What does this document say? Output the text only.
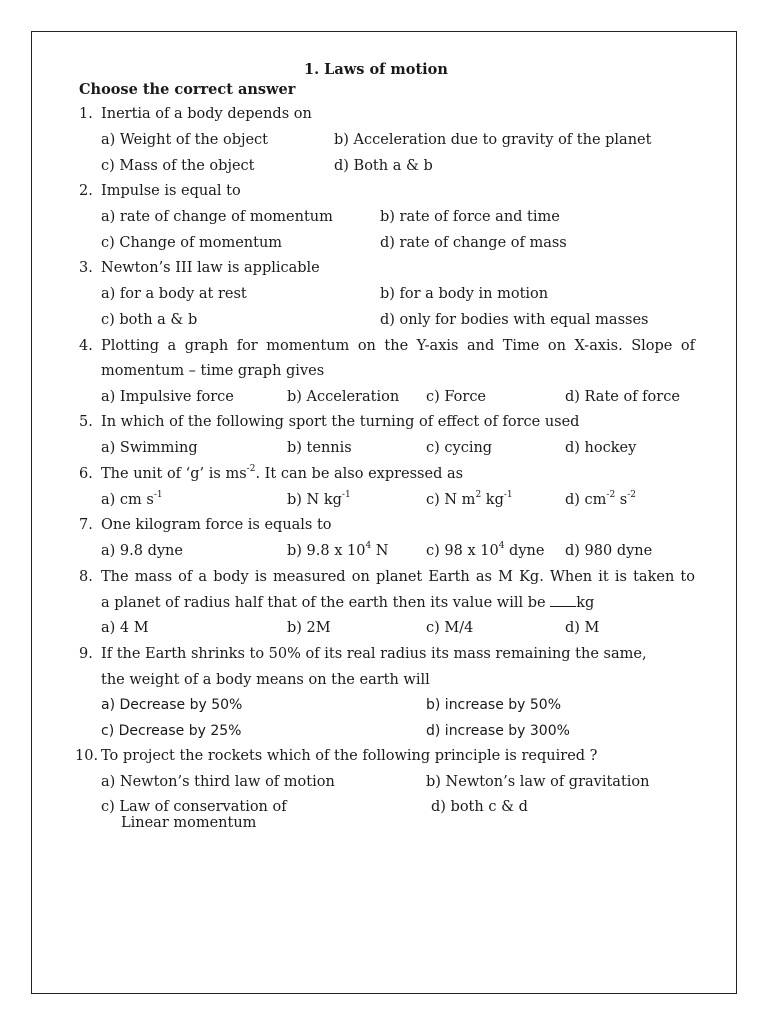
1. Laws of motion
Choose the correct answer
1. Inertia of a body depends on
a) Weight of the object	b) Acceleration due to gravity of the planet
c) Mass of the object	d) Both a & b
2. Impulse is equal to
a) rate of change of momentum	b) rate of force and time
c) Change of momentum	d) rate of change of mass
3. Newton’s III law is applicable
a) for a body at rest	b) for a body in motion
c) both a & b	d) only for bodies with equal masses
4. Plotting a graph for momentum on the Y-axis and Time on X-axis. Slope of
momentum – time graph gives
a) Impulsive force	b) Acceleration c) Force	d) Rate of force
5. In which of the following sport the turning of effect of force used
a) Swimming	b) tennis	c) cycing	d) hockey
6. The unit of ‘g’ is $ms^{-2}$. It can be also expressed as
a) cm $s^{-1}$	b) N $kg^{-1}$	c) N $m^2$ $kg^{-1}$	d) $cm^{-2}$ $s^{-2}$
7. One kilogram force is equals to
a) 9.8 dyne	b) 9.8 x $10^4$ N	c) 98 x $10^4$ dyne d) 980 dyne
8. The mass of a body is measured on planet Earth as M Kg. When it is taken to
a planet of radius half that of the earth then its value will be kg
a) 4 M	b) 2M	c) M/4	d) M
9. If the Earth shrinks to 50% of its real radius its mass remaining the same,
the weight of a body means on the earth will
a) Decrease by 50%	b) increase by 50%
c) Decrease by 25%	d) increase by 300%
10. To project the rockets which of the following principle is required ?
a) Newton’s third law of motion	b) Newton’s law of gravitation
c) Law of conservation of
Linear momentum
d) both c & d
